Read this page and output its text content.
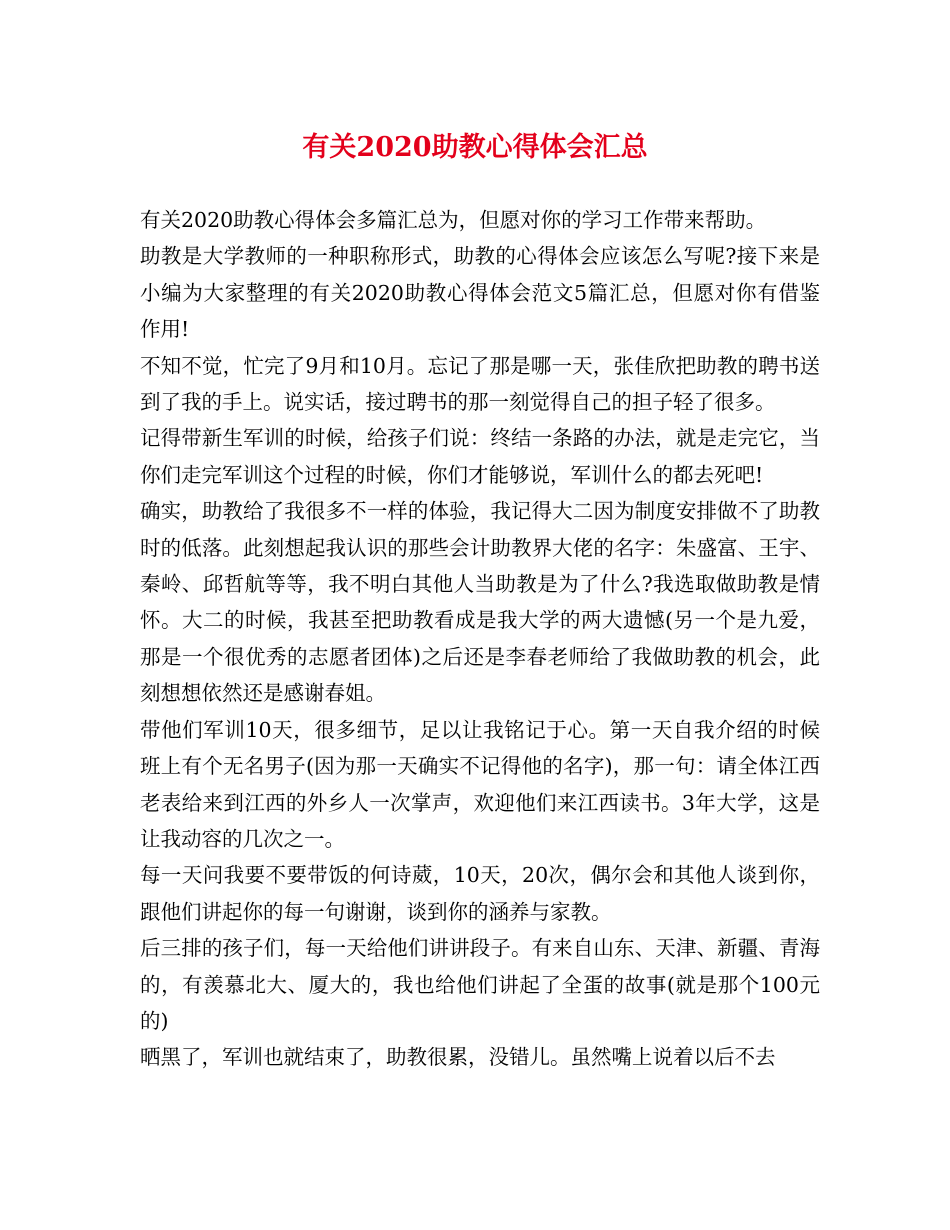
有关2020助教心得体会汇总

有关2020助教心得体会多篇汇总为，但愿对你的学习工作带来帮助。

助教是大学教师的一种职称形式，助教的心得体会应该怎么写呢?接下来是小编为大家整理的有关2020助教心得体会范文5篇汇总，但愿对你有借鉴作用!

不知不觉，忙完了9月和10月。忘记了那是哪一天，张佳欣把助教的聘书送到了我的手上。说实话，接过聘书的那一刻觉得自己的担子轻了很多。

记得带新生军训的时候，给孩子们说：终结一条路的办法，就是走完它，当你们走完军训这个过程的时候，你们才能够说，军训什么的都去死吧!

确实，助教给了我很多不一样的体验，我记得大二因为制度安排做不了助教时的低落。此刻想起我认识的那些会计助教界大佬的名字：朱盛富、王宇、秦岭、邱哲航等等，我不明白其他人当助教是为了什么?我选取做助教是情怀。大二的时候，我甚至把助教看成是我大学的两大遗憾(另一个是九爱，那是一个很优秀的志愿者团体)之后还是李春老师给了我做助教的机会，此刻想想依然还是感谢春姐。

带他们军训10天，很多细节，足以让我铭记于心。第一天自我介绍的时候班上有个无名男子(因为那一天确实不记得他的名字)，那一句：请全体江西老表给来到江西的外乡人一次掌声，欢迎他们来江西读书。3年大学，这是让我动容的几次之一。

每一天问我要不要带饭的何诗葳，10天，20次，偶尔会和其他人谈到你，跟他们讲起你的每一句谢谢，谈到你的涵养与家教。

后三排的孩子们，每一天给他们讲讲段子。有来自山东、天津、新疆、青海的，有羡慕北大、厦大的，我也给他们讲起了全蛋的故事(就是那个100元的)

晒黑了，军训也就结束了，助教很累，没错儿。虽然嘴上说着以后不去
